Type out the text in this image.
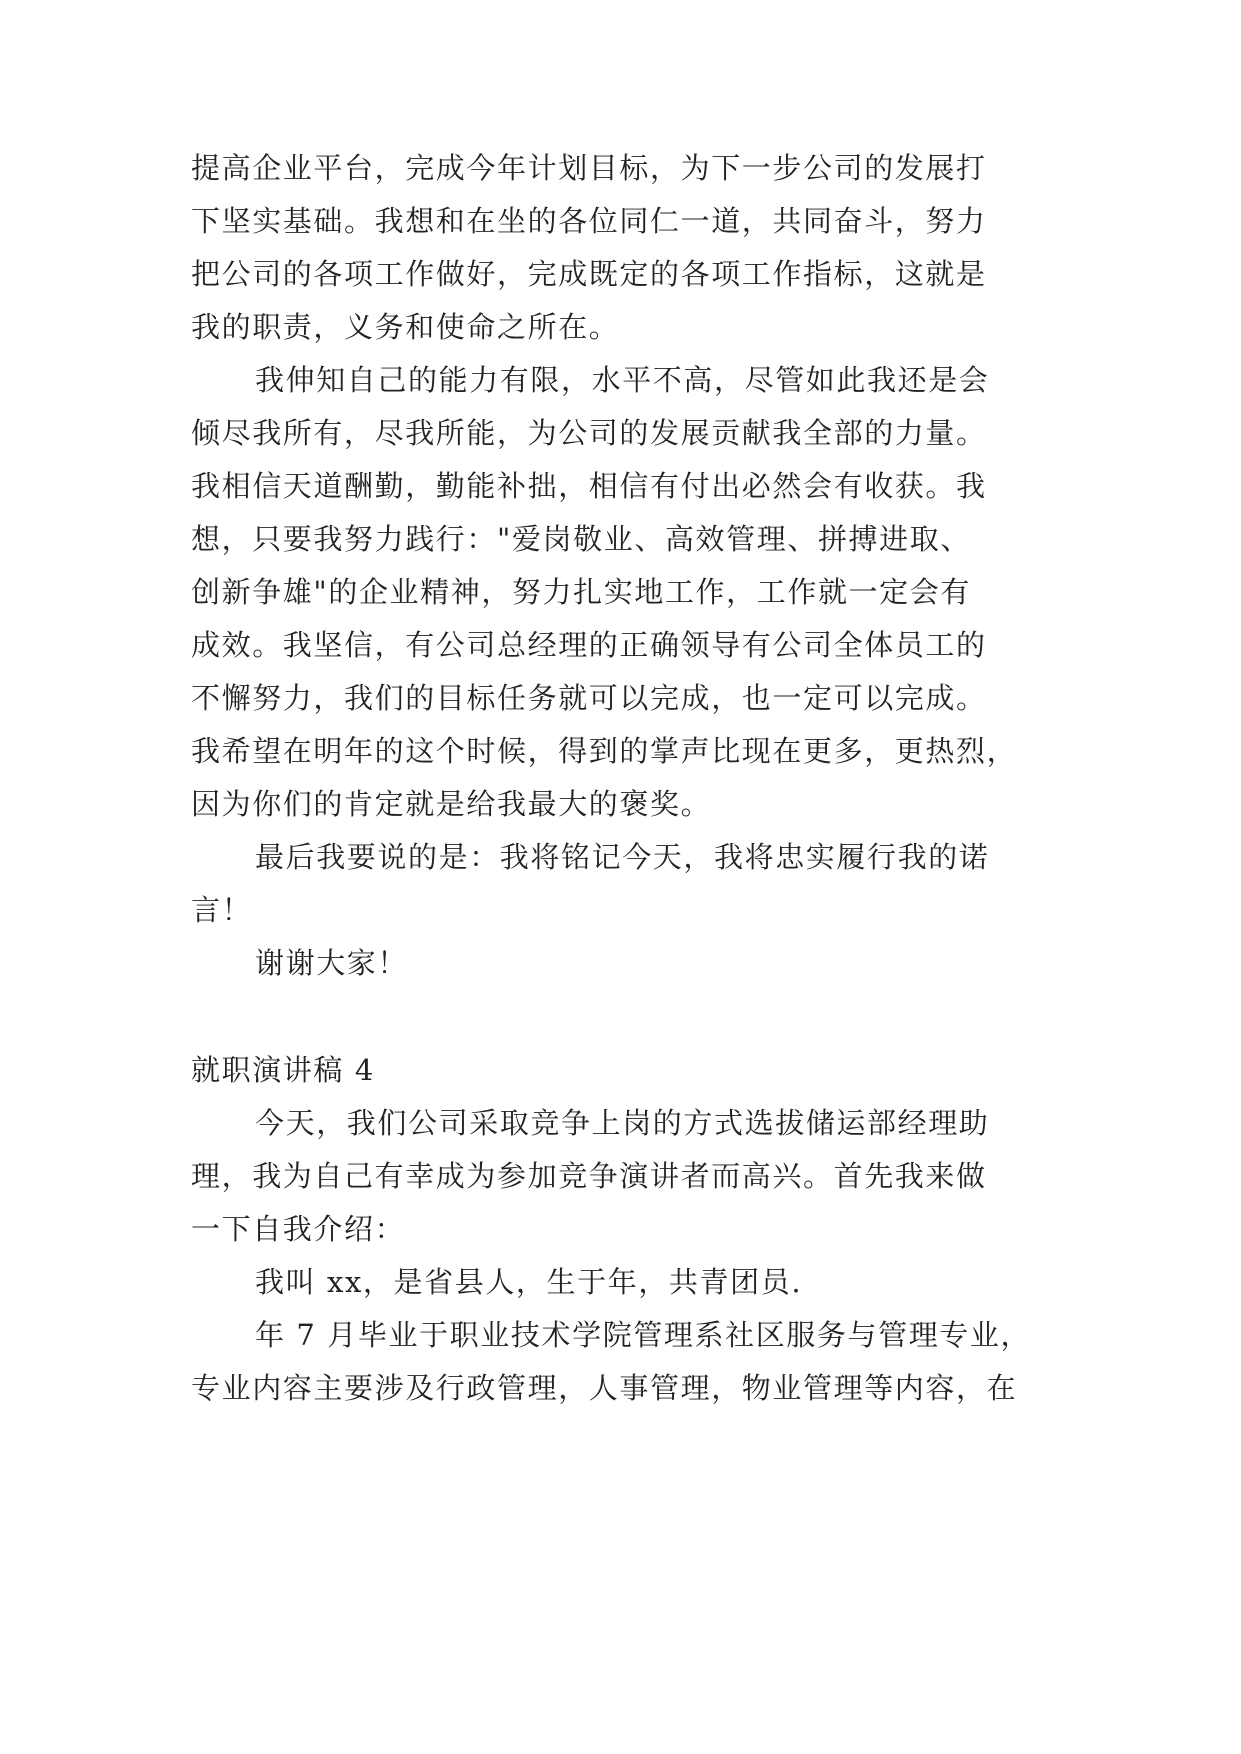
提高企业平台，完成今年计划目标，为下一步公司的发展打
下坚实基础。我想和在坐的各位同仁一道，共同奋斗，努力
把公司的各项工作做好，完成既定的各项工作指标，这就是
我的职责，义务和使命之所在。
我伸知自己的能力有限，水平不高，尽管如此我还是会
倾尽我所有，尽我所能，为公司的发展贡献我全部的力量。
我相信天道酬勤，勤能补拙，相信有付出必然会有收获。我
想，只要我努力践行："爱岗敬业、高效管理、拼搏进取、
创新争雄"的企业精神，努力扎实地工作，工作就一定会有
成效。我坚信，有公司总经理的正确领导有公司全体员工的
不懈努力，我们的目标任务就可以完成，也一定可以完成。
我希望在明年的这个时候，得到的掌声比现在更多，更热烈，
因为你们的肯定就是给我最大的褒奖。
最后我要说的是：我将铭记今天，我将忠实履行我的诺
言！
谢谢大家！
就职演讲稿 4
今天，我们公司采取竞争上岗的方式选拔储运部经理助
理，我为自己有幸成为参加竞争演讲者而高兴。首先我来做
一下自我介绍：
我叫 xx，是省县人，生于年，共青团员.
年 7 月毕业于职业技术学院管理系社区服务与管理专业，
专业内容主要涉及行政管理，人事管理，物业管理等内容，在
